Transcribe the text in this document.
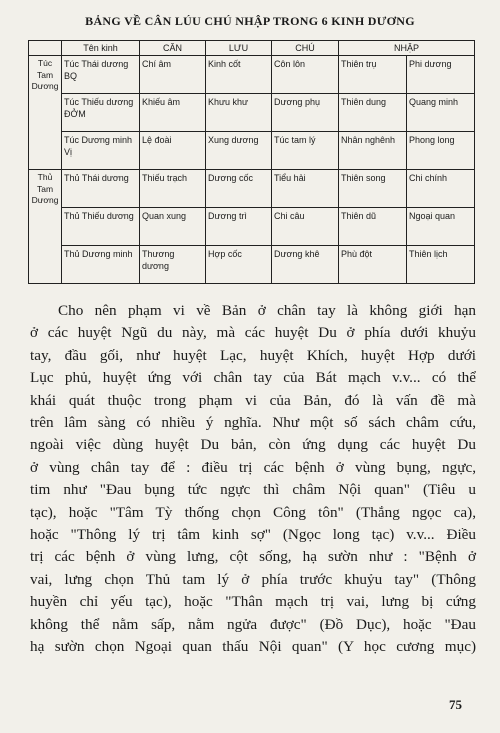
BẢNG VỀ CÂN LÚU CHÚ NHẬP TRONG 6 KINH DƯƠNG
	Tên kinh	CĂN	LƯU	CHÚ	NHẬP	
Túc Tam Dương	Túc Thái dương BQ	Chí âm	Kinh cốt	Côn lôn	Thiên trụ	Phi dương
	Túc Thiếu dương ĐỞM	Khiếu âm	Khưu khư	Dương phụ	Thiên dung	Quang minh
	Túc Dương minh Vị	Lệ đoài	Xung dương	Túc tam lý	Nhân nghênh	Phong long
Thủ Tam Dương	Thủ Thái dương	Thiếu trạch	Dương cốc	Tiểu hải	Thiên song	Chi chính
	Thủ Thiếu dương	Quan xung	Dương trì	Chi câu	Thiên dũ	Ngoại quan
	Thủ Dương minh	Thương dương	Hợp cốc	Dương khê	Phù đột	Thiên lịch
Cho nên phạm vi về Bản ở chân tay là không giới hạn
ở các huyệt Ngũ du này, mà các huyệt Du ở phía dưới khuỷu
tay, đầu gối, như huyệt Lạc, huyệt Khích, huyệt Hợp dưới
Lục phủ, huyệt ứng với chân tay của Bát mạch v.v... có thể
khái quát thuộc trong phạm vi của Bản, đó là vấn đề mà
trên lâm sàng có nhiều ý nghĩa. Như một số sách châm cứu,
ngoài việc dùng huyệt Du bản, còn ứng dụng các huyệt Du
ở vùng chân tay để : điều trị các bệnh ở vùng bụng, ngực,
tim như "Đau bụng tức ngực thì châm Nội quan" (Tiêu u
tạc), hoặc "Tâm Tỳ thống chọn Công tôn" (Thắng ngọc ca),
hoặc "Thông lý trị tâm kinh sợ" (Ngọc long tạc) v.v... Điều
trị các bệnh ở vùng lưng, cột sống, hạ sườn như : "Bệnh ở
vai, lưng chọn Thủ tam lý ở phía trước khuỷu tay" (Thông
huyền chỉ yếu tạc), hoặc "Thân mạch trị vai, lưng bị cứng
không thể nằm sấp, nằm ngửa được" (Đồ Dục), hoặc "Đau
hạ sườn chọn Ngoại quan thấu Nội quan" (Y học cương mục)
75
